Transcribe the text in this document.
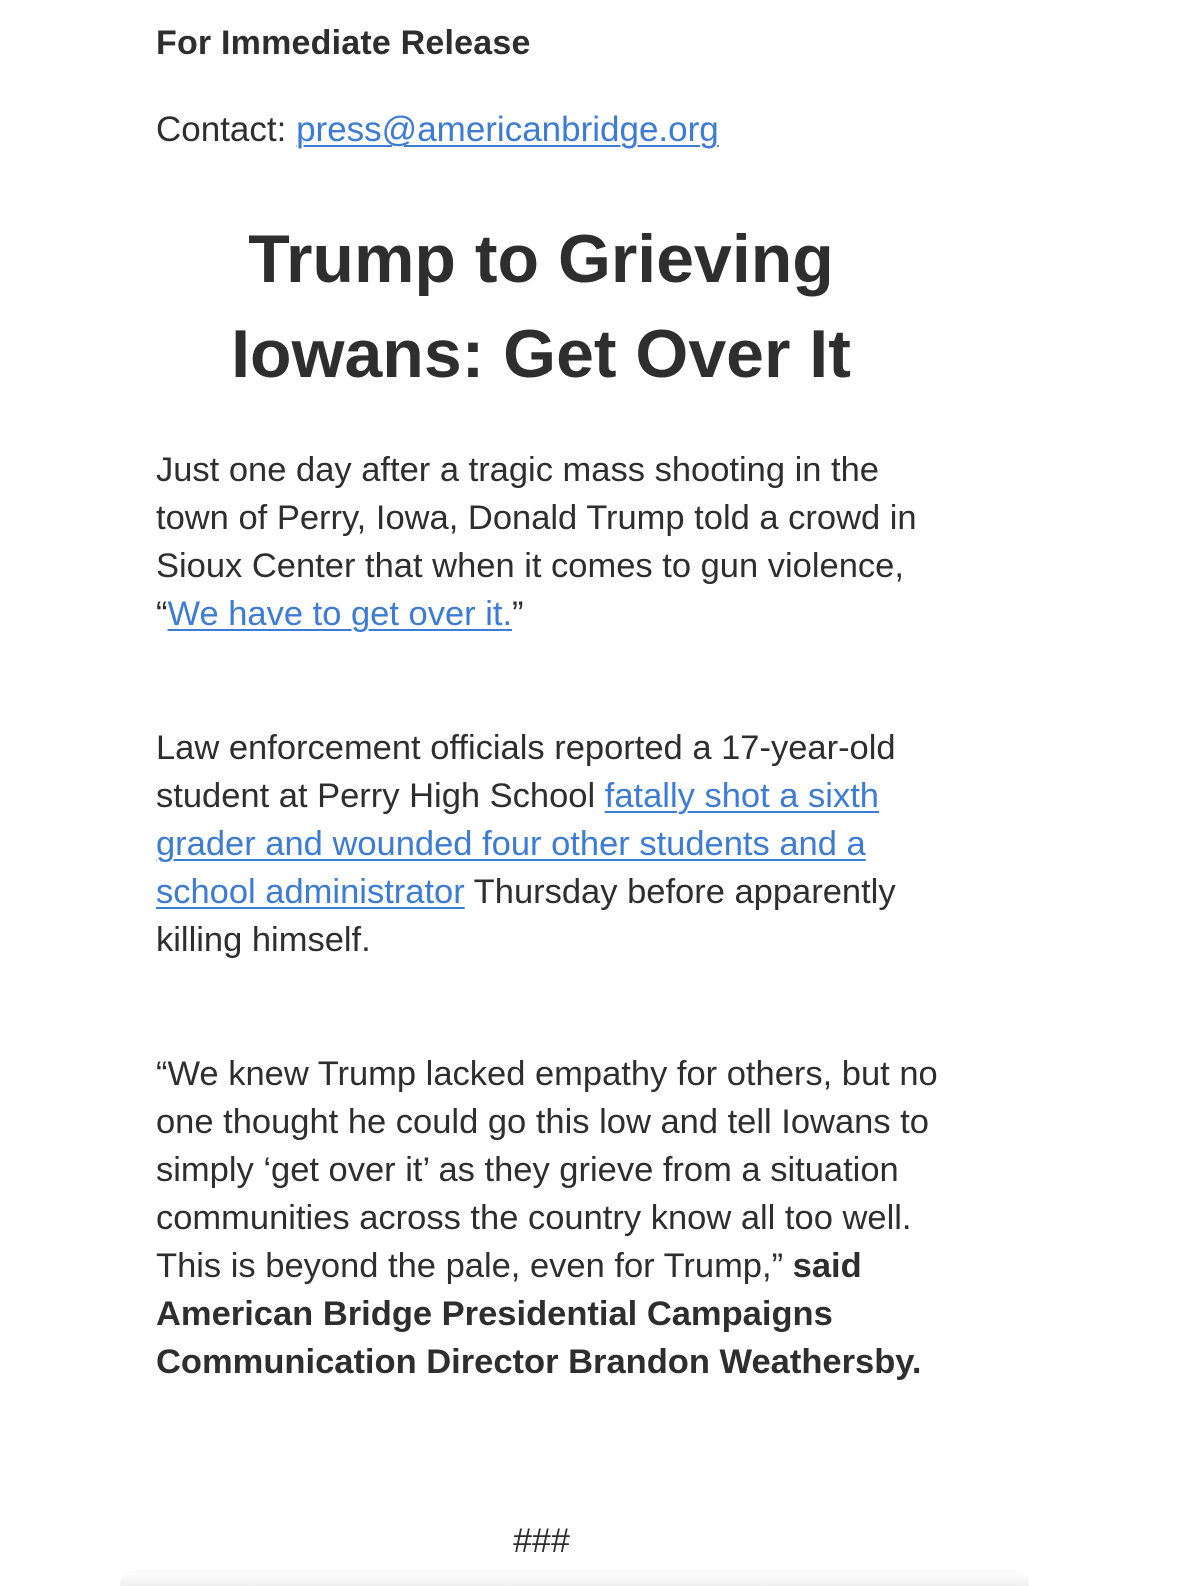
For Immediate Release
Contact: press@americanbridge.org
Trump to Grieving
Iowans: Get Over It

Just one day after a tragic mass shooting in the town of Perry, Iowa, Donald Trump told a crowd in Sioux Center that when it comes to gun violence, “We have to get over it.”

Law enforcement officials reported a 17-year-old student at Perry High School fatally shot a sixth grader and wounded four other students and a school administrator Thursday before apparently killing himself.

“We knew Trump lacked empathy for others, but no one thought he could go this low and tell Iowans to simply ‘get over it’ as they grieve from a situation communities across the country know all too well. This is beyond the pale, even for Trump,” said American Bridge Presidential Campaigns Communication Director Brandon Weathersby.

###
